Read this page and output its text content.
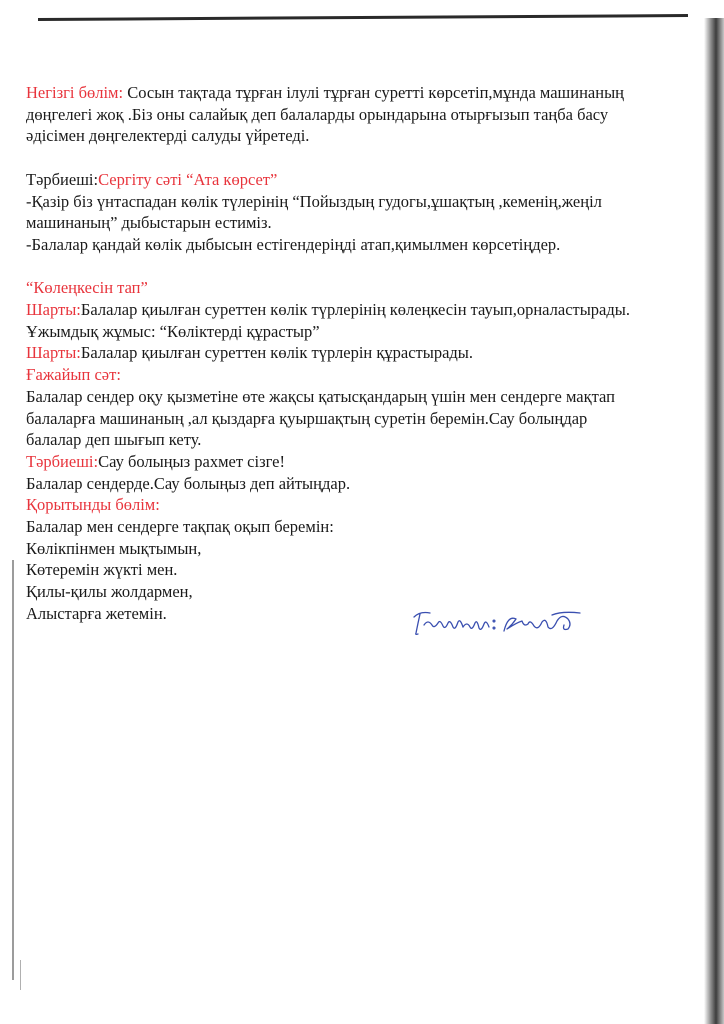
Негізгі бөлім: Сосын тақтада тұрған ілулі тұрған суретті көрсетіп,мұнда машинаның

дөңгелегі жоқ .Біз оны салайық деп балаларды орындарына отырғызып таңба басу

әдісімен дөңгелектерді салуды үйретеді.

Тәрбиеші:Сергіту сәті “Ата көрсет”

-Қазір біз үнтаспадан көлік түлерінің “Пойыздың гудогы,ұшақтың ,кеменің,жеңіл

машинаның” дыбыстарын естиміз.

-Балалар қандай көлік дыбысын естігендеріңді атап,қимылмен көрсетіңдер.

“Көлеңкесін тап”

Шарты:Балалар қиылған суреттен көлік түрлерінің көлеңкесін тауып,орналастырады.

Ұжымдық жұмыс: “Көліктерді құрастыр”

Шарты:Балалар қиылған суреттен көлік түрлерін құрастырады.

Ғажайып сәт:

Балалар сендер оқу қызметіне өте жақсы қатысқандарың үшін мен сендерге мақтап

балаларға машинаның ,ал қыздарға қуыршақтың суретін беремін.Сау болыңдар

балалар деп шығып кету.

Тәрбиеші:Сау болыңыз рахмет сізге!

Балалар сендерде.Сау болыңыз деп айтыңдар.

Қорытынды бөлім:

Балалар мен сендерге тақпақ оқып беремін:

Көлікпінмен мықтымын,

Көтеремін жүкті мен.

Қилы-қилы жолдармен,

Алыстарға жетемін.
